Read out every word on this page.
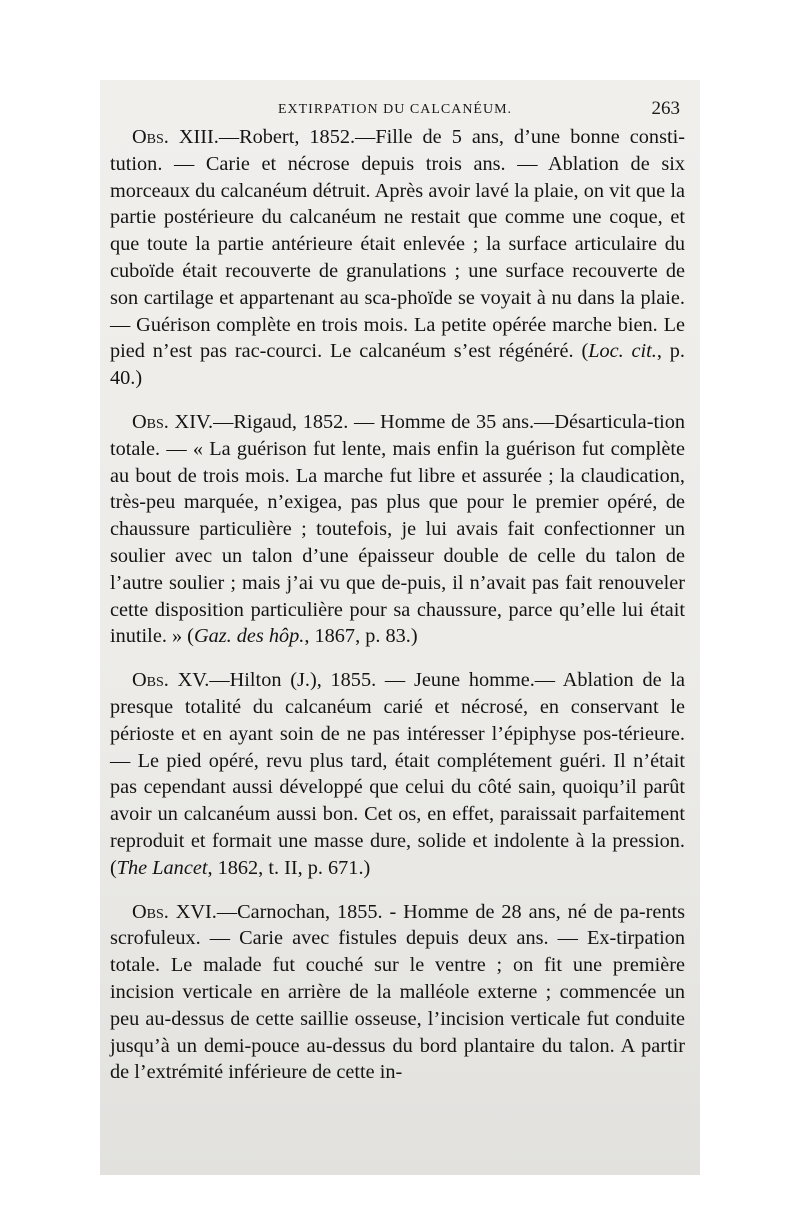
EXTIRPATION DU CALCANÉUM.	263

Obs. XIII.—Robert, 1852.—Fille de 5 ans, d’une bonne consti-tution. — Carie et nécrose depuis trois ans. — Ablation de six morceaux du calcanéum détruit. Après avoir lavé la plaie, on vit que la partie postérieure du calcanéum ne restait que comme une coque, et que toute la partie antérieure était enlevée ; la surface articulaire du cuboïde était recouverte de granulations ; une surface recouverte de son cartilage et appartenant au sca-phoïde se voyait à nu dans la plaie. — Guérison complète en trois mois. La petite opérée marche bien. Le pied n’est pas rac-courci. Le calcanéum s’est régénéré. (Loc. cit., p. 40.)

Obs. XIV.—Rigaud, 1852. — Homme de 35 ans.—Désarticula-tion totale. — « La guérison fut lente, mais enfin la guérison fut complète au bout de trois mois. La marche fut libre et assurée ; la claudication, très-peu marquée, n’exigea, pas plus que pour le premier opéré, de chaussure particulière ; toutefois, je lui avais fait confectionner un soulier avec un talon d’une épaisseur double de celle du talon de l’autre soulier ; mais j’ai vu que de-puis, il n’avait pas fait renouveler cette disposition particulière pour sa chaussure, parce qu’elle lui était inutile. » (Gaz. des hôp., 1867, p. 83.)

Obs. XV.—Hilton (J.), 1855. — Jeune homme.— Ablation de la presque totalité du calcanéum carié et nécrosé, en conservant le périoste et en ayant soin de ne pas intéresser l’épiphyse pos-térieure. — Le pied opéré, revu plus tard, était complétement guéri. Il n’était pas cependant aussi développé que celui du côté sain, quoiqu’il parût avoir un calcanéum aussi bon. Cet os, en effet, paraissait parfaitement reproduit et formait une masse dure, solide et indolente à la pression. (The Lancet, 1862, t. II, p. 671.)

Obs. XVI.—Carnochan, 1855. - Homme de 28 ans, né de pa-rents scrofuleux. — Carie avec fistules depuis deux ans. — Ex-tirpation totale. Le malade fut couché sur le ventre ; on fit une première incision verticale en arrière de la malléole externe ; commencée un peu au-dessus de cette saillie osseuse, l’incision verticale fut conduite jusqu’à un demi-pouce au-dessus du bord plantaire du talon. A partir de l’extrémité inférieure de cette in-
